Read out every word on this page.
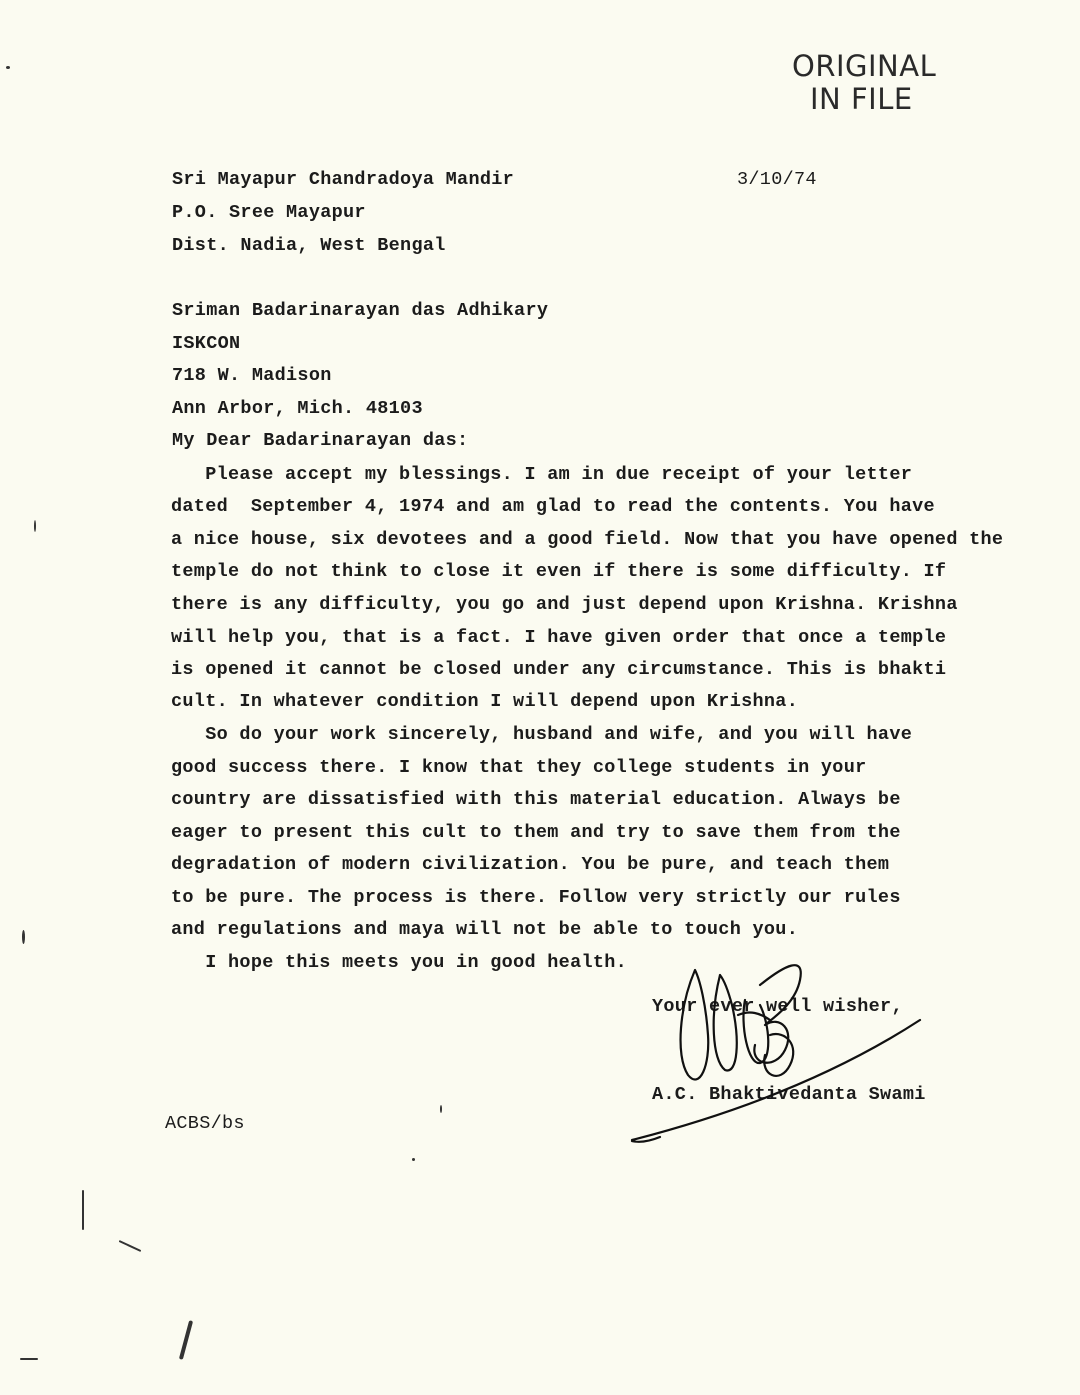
ORIGINAL
IN FILE
Sri Mayapur Chandradoya Mandir
P.O. Sree Mayapur
Dist. Nadia, West Bengal
3/10/74
Sriman Badarinarayan das Adhikary
ISKCON
718 W. Madison
Ann Arbor, Mich. 48103
My Dear Badarinarayan das:
Please accept my blessings. I am in due receipt of your letter
dated  September 4, 1974 and am glad to read the contents. You have
a nice house, six devotees and a good field. Now that you have opened the
temple do not think to close it even if there is some difficulty. If
there is any difficulty, you go and just depend upon Krishna. Krishna
will help you, that is a fact. I have given order that once a temple
is opened it cannot be closed under any circumstance. This is bhakti
cult. In whatever condition I will depend upon Krishna.
So do your work sincerely, husband and wife, and you will have
good success there. I know that they college students in your
country are dissatisfied with this material education. Always be
eager to present this cult to them and try to save them from the
degradation of modern civilization. You be pure, and teach them
to be pure. The process is there. Follow very strictly our rules
and regulations and maya will not be able to touch you.
I hope this meets you in good health.
Your ever well wisher,
A.C. Bhaktivedanta Swami
ACBS/bs
